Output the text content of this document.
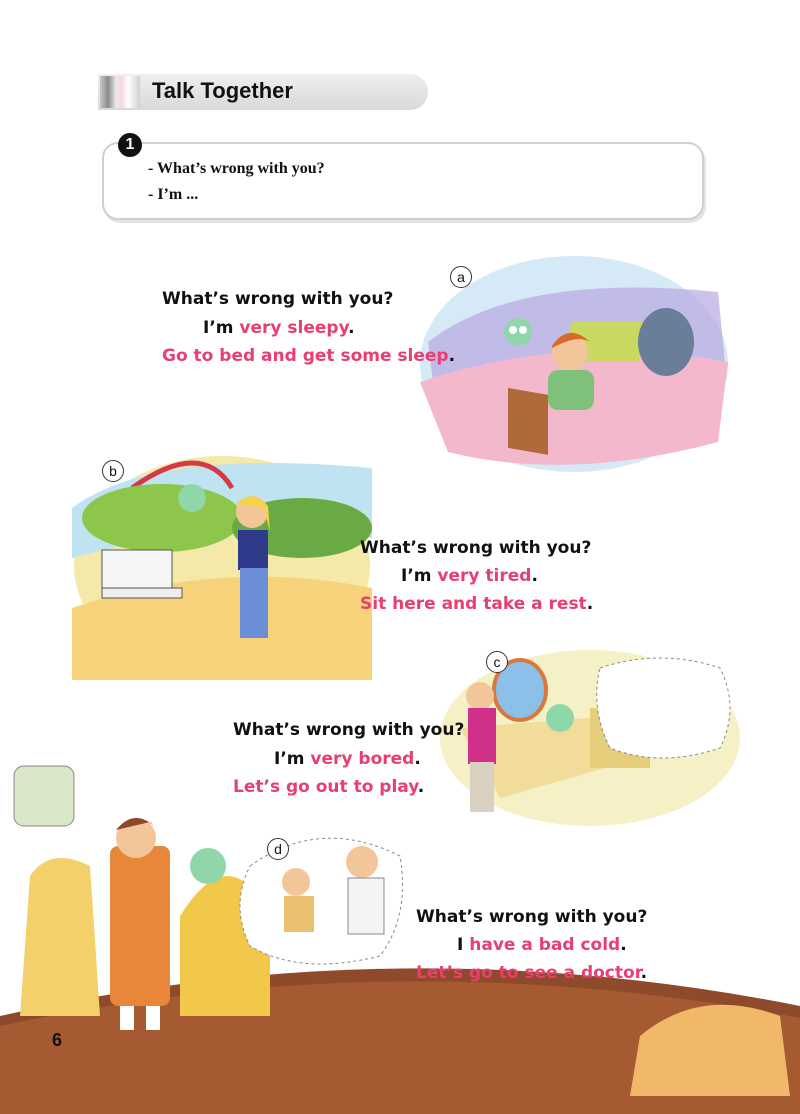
Talk Together
1
- What’s wrong with you?
- I’m ...
a
What’s wrong with you?
I’m very sleepy.
Go to bed and get some sleep.
b
What’s wrong with you?
I’m very tired.
Sit here and take a rest.
c
What’s wrong with you?
I’m very bored.
Let’s go out to play.
d
What’s wrong with you?
I have a bad cold.
Let’s go to see a doctor.
6
